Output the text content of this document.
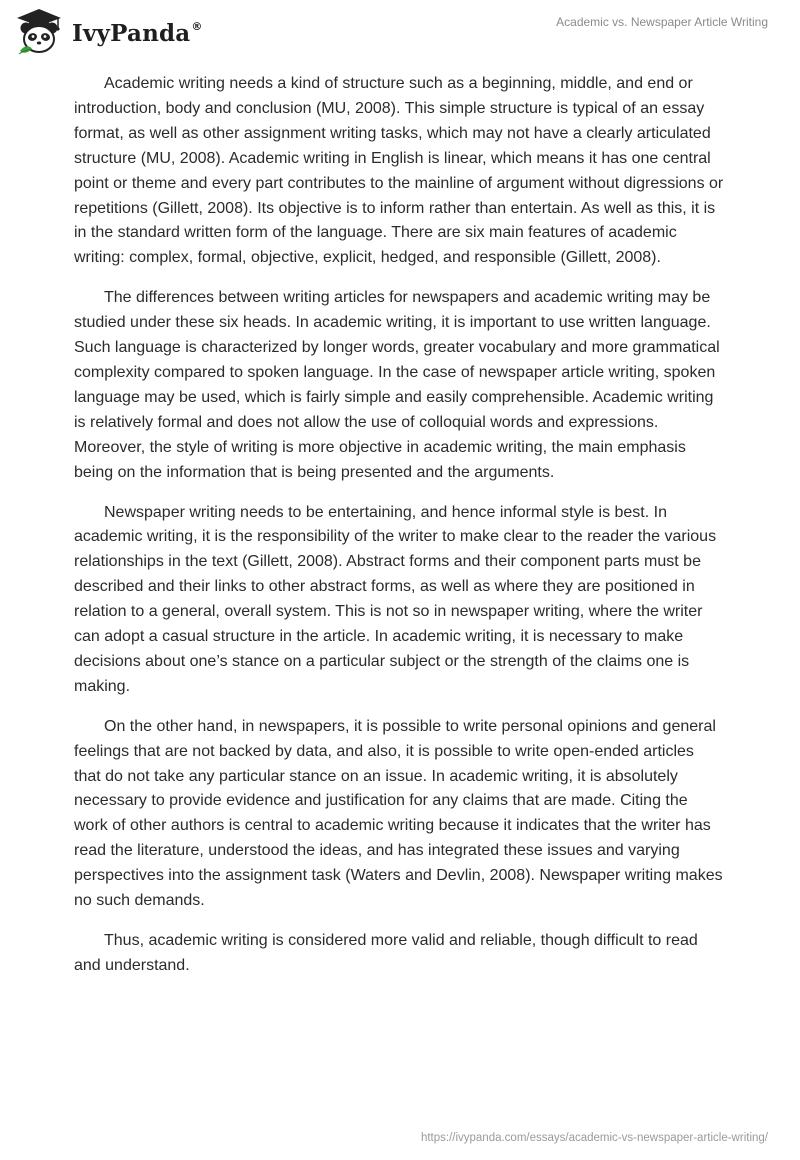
IvyPanda®	Academic vs. Newspaper Article Writing

Academic writing needs a kind of structure such as a beginning, middle, and end or introduction, body and conclusion (MU, 2008). This simple structure is typical of an essay format, as well as other assignment writing tasks, which may not have a clearly articulated structure (MU, 2008). Academic writing in English is linear, which means it has one central point or theme and every part contributes to the mainline of argument without digressions or repetitions (Gillett, 2008). Its objective is to inform rather than entertain. As well as this, it is in the standard written form of the language. There are six main features of academic writing: complex, formal, objective, explicit, hedged, and responsible (Gillett, 2008).

The differences between writing articles for newspapers and academic writing may be studied under these six heads. In academic writing, it is important to use written language. Such language is characterized by longer words, greater vocabulary and more grammatical complexity compared to spoken language. In the case of newspaper article writing, spoken language may be used, which is fairly simple and easily comprehensible. Academic writing is relatively formal and does not allow the use of colloquial words and expressions. Moreover, the style of writing is more objective in academic writing, the main emphasis being on the information that is being presented and the arguments.

Newspaper writing needs to be entertaining, and hence informal style is best. In academic writing, it is the responsibility of the writer to make clear to the reader the various relationships in the text (Gillett, 2008). Abstract forms and their component parts must be described and their links to other abstract forms, as well as where they are positioned in relation to a general, overall system. This is not so in newspaper writing, where the writer can adopt a casual structure in the article. In academic writing, it is necessary to make decisions about one’s stance on a particular subject or the strength of the claims one is making.

On the other hand, in newspapers, it is possible to write personal opinions and general feelings that are not backed by data, and also, it is possible to write open-ended articles that do not take any particular stance on an issue. In academic writing, it is absolutely necessary to provide evidence and justification for any claims that are made. Citing the work of other authors is central to academic writing because it indicates that the writer has read the literature, understood the ideas, and has integrated these issues and varying perspectives into the assignment task (Waters and Devlin, 2008). Newspaper writing makes no such demands.

Thus, academic writing is considered more valid and reliable, though difficult to read and understand.

https://ivypanda.com/essays/academic-vs-newspaper-article-writing/
